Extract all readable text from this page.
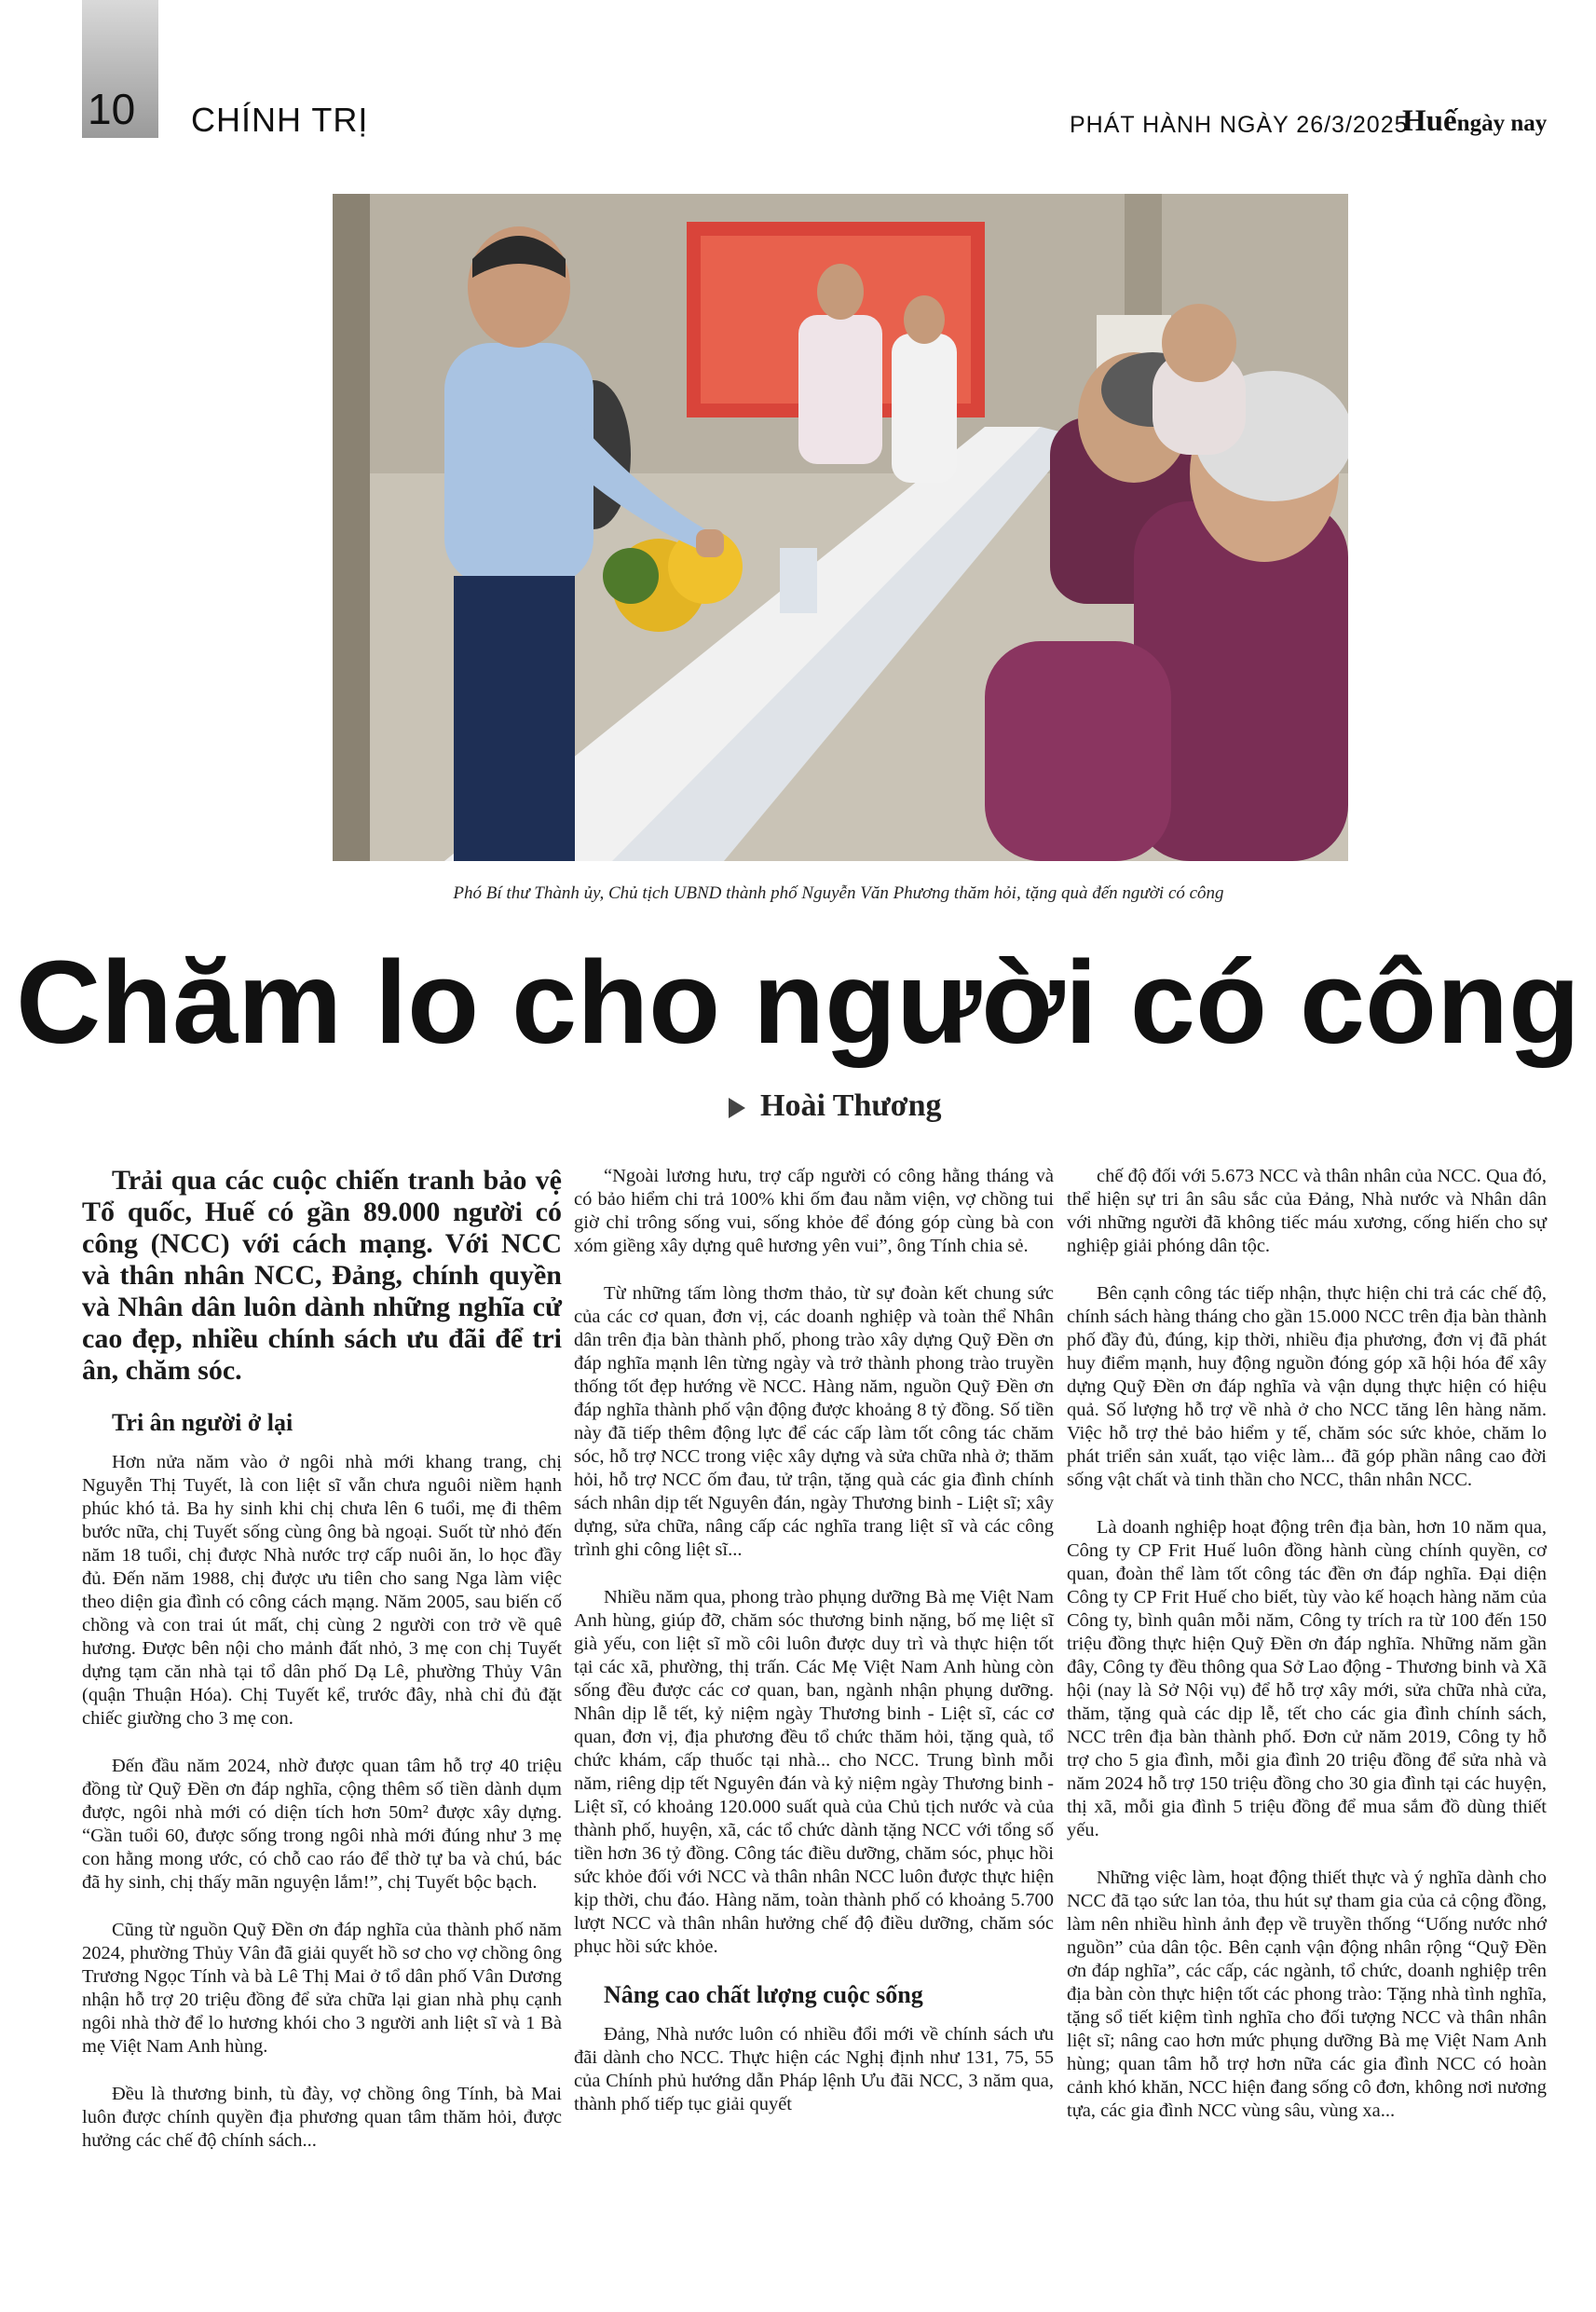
10 CHÍNH TRỊ	PHÁT HÀNH NGÀY 26/3/2025
Huếngày nay
Phó Bí thư Thành ủy, Chủ tịch UBND thành phố Nguyễn Văn Phương thăm hỏi, tặng quà đến người có công
Chăm lo cho người có công
Hoài Thương

Trải qua các cuộc chiến tranh bảo vệ Tổ quốc, Huế có gần 89.000 người có công (NCC) với cách mạng. Với NCC và thân nhân NCC, Đảng, chính quyền và Nhân dân luôn dành những nghĩa cử cao đẹp, nhiều chính sách ưu đãi để tri ân, chăm sóc.

Tri ân người ở lại

Hơn nửa năm vào ở ngôi nhà mới khang trang, chị Nguyễn Thị Tuyết, là con liệt sĩ vẫn chưa nguôi niềm hạnh phúc khó tả. Ba hy sinh khi chị chưa lên 6 tuổi, mẹ đi thêm bước nữa, chị Tuyết sống cùng ông bà ngoại. Suốt từ nhỏ đến năm 18 tuổi, chị được Nhà nước trợ cấp nuôi ăn, lo học đầy đủ. Đến năm 1988, chị được ưu tiên cho sang Nga làm việc theo diện gia đình có công cách mạng. Năm 2005, sau biến cố chồng và con trai út mất, chị cùng 2 người con trở về quê hương. Được bên nội cho mảnh đất nhỏ, 3 mẹ con chị Tuyết dựng tạm căn nhà tại tổ dân phố Dạ Lê, phường Thủy Vân (quận Thuận Hóa). Chị Tuyết kể, trước đây, nhà chỉ đủ đặt chiếc giường cho 3 mẹ con.

Đến đầu năm 2024, nhờ được quan tâm hỗ trợ 40 triệu đồng từ Quỹ Đền ơn đáp nghĩa, cộng thêm số tiền dành dụm được, ngôi nhà mới có diện tích hơn 50m² được xây dựng. “Gần tuổi 60, được sống trong ngôi nhà mới đúng như 3 mẹ con hằng mong ước, có chỗ cao ráo để thờ tự ba và chú, bác đã hy sinh, chị thấy mãn nguyện lắm!”, chị Tuyết bộc bạch.

Cũng từ nguồn Quỹ Đền ơn đáp nghĩa của thành phố năm 2024, phường Thủy Vân đã giải quyết hồ sơ cho vợ chồng ông Trương Ngọc Tính và bà Lê Thị Mai ở tổ dân phố Vân Dương nhận hỗ trợ 20 triệu đồng để sửa chữa lại gian nhà phụ cạnh ngôi nhà thờ để lo hương khói cho 3 người anh liệt sĩ và 1 Bà mẹ Việt Nam Anh hùng.

Đều là thương binh, tù đày, vợ chồng ông Tính, bà Mai luôn được chính quyền địa phương quan tâm thăm hỏi, được hưởng các chế độ chính sách...

“Ngoài lương hưu, trợ cấp người có công hằng tháng và có bảo hiểm chi trả 100% khi ốm đau nằm viện, vợ chồng tui giờ chỉ trông sống vui, sống khỏe để đóng góp cùng bà con xóm giềng xây dựng quê hương yên vui”, ông Tính chia sẻ.

Từ những tấm lòng thơm thảo, từ sự đoàn kết chung sức của các cơ quan, đơn vị, các doanh nghiệp và toàn thể Nhân dân trên địa bàn thành phố, phong trào xây dựng Quỹ Đền ơn đáp nghĩa mạnh lên từng ngày và trở thành phong trào truyền thống tốt đẹp hướng về NCC. Hàng năm, nguồn Quỹ Đền ơn đáp nghĩa thành phố vận động được khoảng 8 tỷ đồng. Số tiền này đã tiếp thêm động lực để các cấp làm tốt công tác chăm sóc, hỗ trợ NCC trong việc xây dựng và sửa chữa nhà ở; thăm hỏi, hỗ trợ NCC ốm đau, tử trận, tặng quà các gia đình chính sách nhân dịp tết Nguyên đán, ngày Thương binh - Liệt sĩ; xây dựng, sửa chữa, nâng cấp các nghĩa trang liệt sĩ và các công trình ghi công liệt sĩ...

Nhiều năm qua, phong trào phụng dưỡng Bà mẹ Việt Nam Anh hùng, giúp đỡ, chăm sóc thương binh nặng, bố mẹ liệt sĩ già yếu, con liệt sĩ mồ côi luôn được duy trì và thực hiện tốt tại các xã, phường, thị trấn. Các Mẹ Việt Nam Anh hùng còn sống đều được các cơ quan, ban, ngành nhận phụng dưỡng. Nhân dịp lễ tết, kỷ niệm ngày Thương binh - Liệt sĩ, các cơ quan, đơn vị, địa phương đều tổ chức thăm hỏi, tặng quà, tổ chức khám, cấp thuốc tại nhà... cho NCC. Trung bình mỗi năm, riêng dịp tết Nguyên đán và kỷ niệm ngày Thương binh - Liệt sĩ, có khoảng 120.000 suất quà của Chủ tịch nước và của thành phố, huyện, xã, các tổ chức dành tặng NCC với tổng số tiền hơn 36 tỷ đồng. Công tác điều dưỡng, chăm sóc, phục hồi sức khỏe đối với NCC và thân nhân NCC luôn được thực hiện kịp thời, chu đáo. Hàng năm, toàn thành phố có khoảng 5.700 lượt NCC và thân nhân hưởng chế độ điều dưỡng, chăm sóc phục hồi sức khỏe.

Nâng cao chất lượng cuộc sống

Đảng, Nhà nước luôn có nhiều đổi mới về chính sách ưu đãi dành cho NCC. Thực hiện các Nghị định như 131, 75, 55 của Chính phủ hướng dẫn Pháp lệnh Ưu đãi NCC, 3 năm qua, thành phố tiếp tục giải quyết

chế độ đối với 5.673 NCC và thân nhân của NCC. Qua đó, thể hiện sự tri ân sâu sắc của Đảng, Nhà nước và Nhân dân với những người đã không tiếc máu xương, cống hiến cho sự nghiệp giải phóng dân tộc.

Bên cạnh công tác tiếp nhận, thực hiện chi trả các chế độ, chính sách hàng tháng cho gần 15.000 NCC trên địa bàn thành phố đầy đủ, đúng, kịp thời, nhiều địa phương, đơn vị đã phát huy điểm mạnh, huy động nguồn đóng góp xã hội hóa để xây dựng Quỹ Đền ơn đáp nghĩa và vận dụng thực hiện có hiệu quả. Số lượng hỗ trợ về nhà ở cho NCC tăng lên hàng năm. Việc hỗ trợ thẻ bảo hiểm y tế, chăm sóc sức khỏe, chăm lo phát triển sản xuất, tạo việc làm... đã góp phần nâng cao đời sống vật chất và tinh thần cho NCC, thân nhân NCC.

Là doanh nghiệp hoạt động trên địa bàn, hơn 10 năm qua, Công ty CP Frit Huế luôn đồng hành cùng chính quyền, cơ quan, đoàn thể làm tốt công tác đền ơn đáp nghĩa. Đại diện Công ty CP Frit Huế cho biết, tùy vào kế hoạch hàng năm của Công ty, bình quân mỗi năm, Công ty trích ra từ 100 đến 150 triệu đồng thực hiện Quỹ Đền ơn đáp nghĩa. Những năm gần đây, Công ty đều thông qua Sở Lao động - Thương binh và Xã hội (nay là Sở Nội vụ) để hỗ trợ xây mới, sửa chữa nhà cửa, thăm, tặng quà các dịp lễ, tết cho các gia đình chính sách, NCC trên địa bàn thành phố. Đơn cử năm 2019, Công ty hỗ trợ cho 5 gia đình, mỗi gia đình 20 triệu đồng để sửa nhà và năm 2024 hỗ trợ 150 triệu đồng cho 30 gia đình tại các huyện, thị xã, mỗi gia đình 5 triệu đồng để mua sắm đồ dùng thiết yếu.

Những việc làm, hoạt động thiết thực và ý nghĩa dành cho NCC đã tạo sức lan tỏa, thu hút sự tham gia của cả cộng đồng, làm nên nhiều hình ảnh đẹp về truyền thống “Uống nước nhớ nguồn” của dân tộc. Bên cạnh vận động nhân rộng “Quỹ Đền ơn đáp nghĩa”, các cấp, các ngành, tổ chức, doanh nghiệp trên địa bàn còn thực hiện tốt các phong trào: Tặng nhà tình nghĩa, tặng sổ tiết kiệm tình nghĩa cho đối tượng NCC và thân nhân liệt sĩ; nâng cao hơn mức phụng dưỡng Bà mẹ Việt Nam Anh hùng; quan tâm hỗ trợ hơn nữa các gia đình NCC có hoàn cảnh khó khăn, NCC hiện đang sống cô đơn, không nơi nương tựa, các gia đình NCC vùng sâu, vùng xa...
